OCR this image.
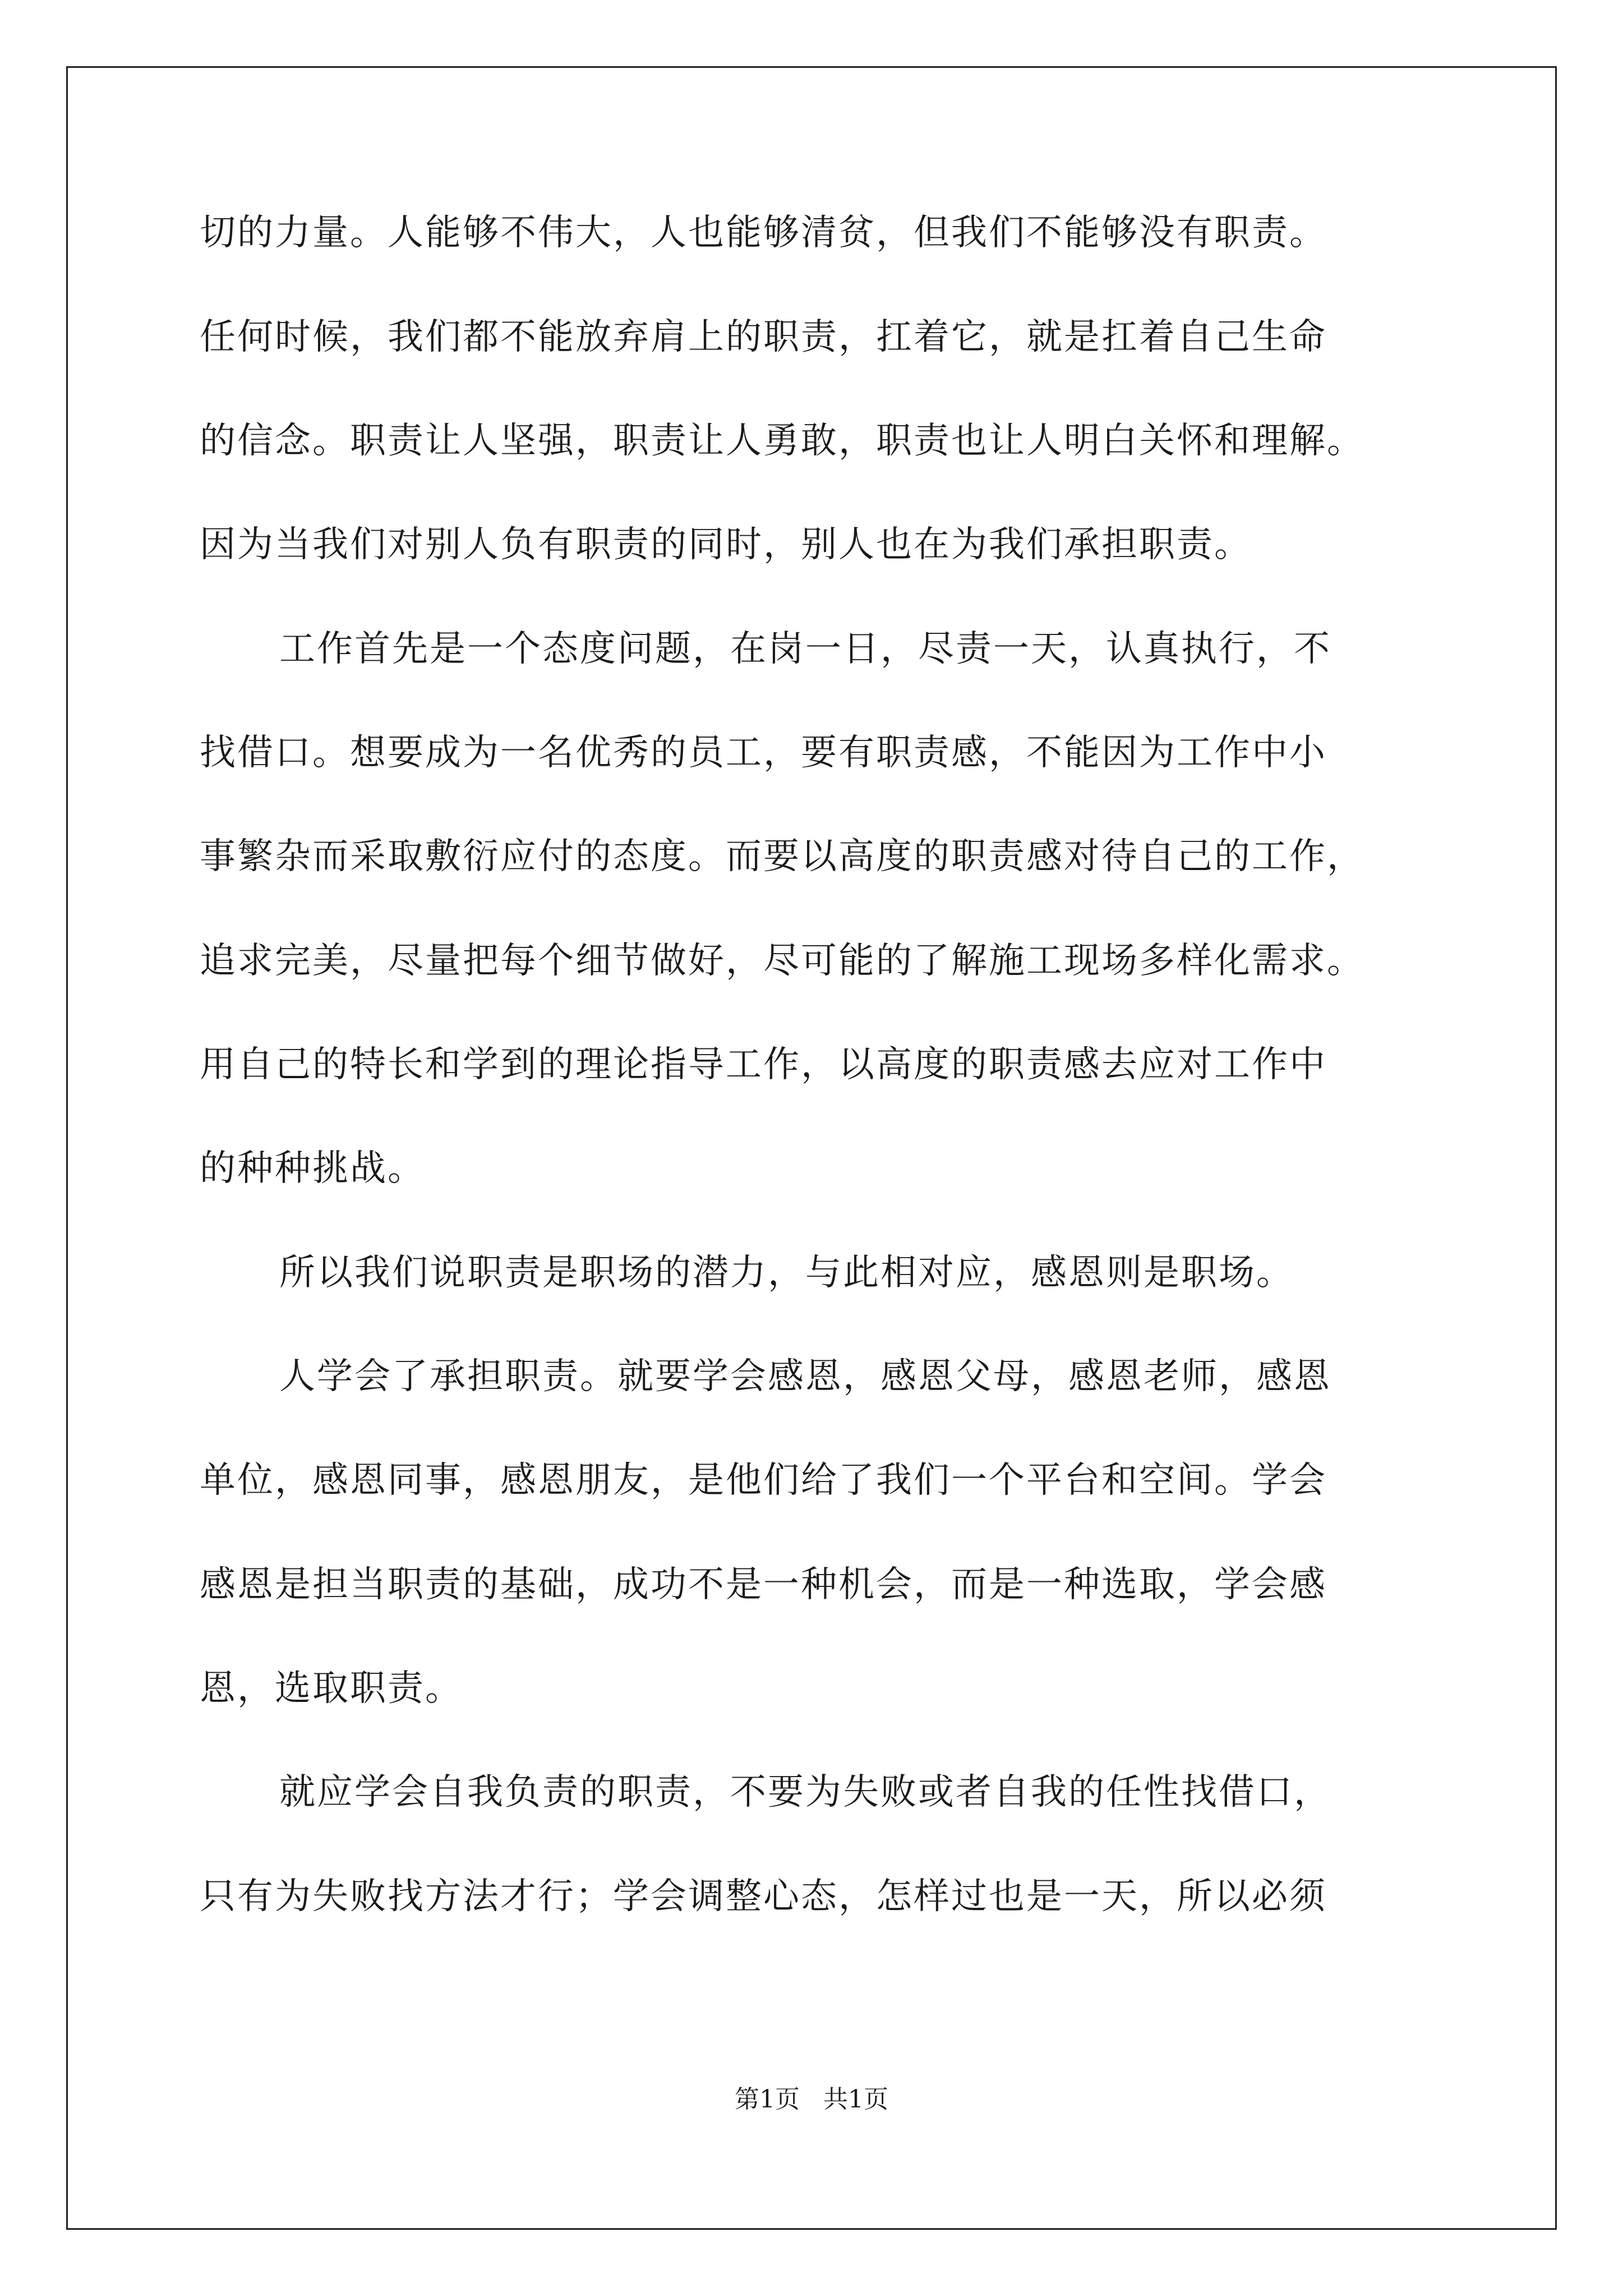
切的力量。人能够不伟大，人也能够清贫，但我们不能够没有职责。
任何时候，我们都不能放弃肩上的职责，扛着它，就是扛着自己生命
的信念。职责让人坚强，职责让人勇敢，职责也让人明白关怀和理解。
因为当我们对别人负有职责的同时，别人也在为我们承担职责。
工作首先是一个态度问题，在岗一日，尽责一天，认真执行，不
找借口。想要成为一名优秀的员工，要有职责感，不能因为工作中小
事繁杂而采取敷衍应付的态度。而要以高度的职责感对待自己的工作，
追求完美，尽量把每个细节做好，尽可能的了解施工现场多样化需求。
用自己的特长和学到的理论指导工作，以高度的职责感去应对工作中
的种种挑战。
所以我们说职责是职场的潜力，与此相对应，感恩则是职场。
人学会了承担职责。就要学会感恩，感恩父母，感恩老师，感恩
单位，感恩同事，感恩朋友，是他们给了我们一个平台和空间。学会
感恩是担当职责的基础，成功不是一种机会，而是一种选取，学会感
恩，选取职责。
就应学会自我负责的职责，不要为失败或者自我的任性找借口，
只有为失败找方法才行；学会调整心态，怎样过也是一天，所以必须
第1页   共1页
